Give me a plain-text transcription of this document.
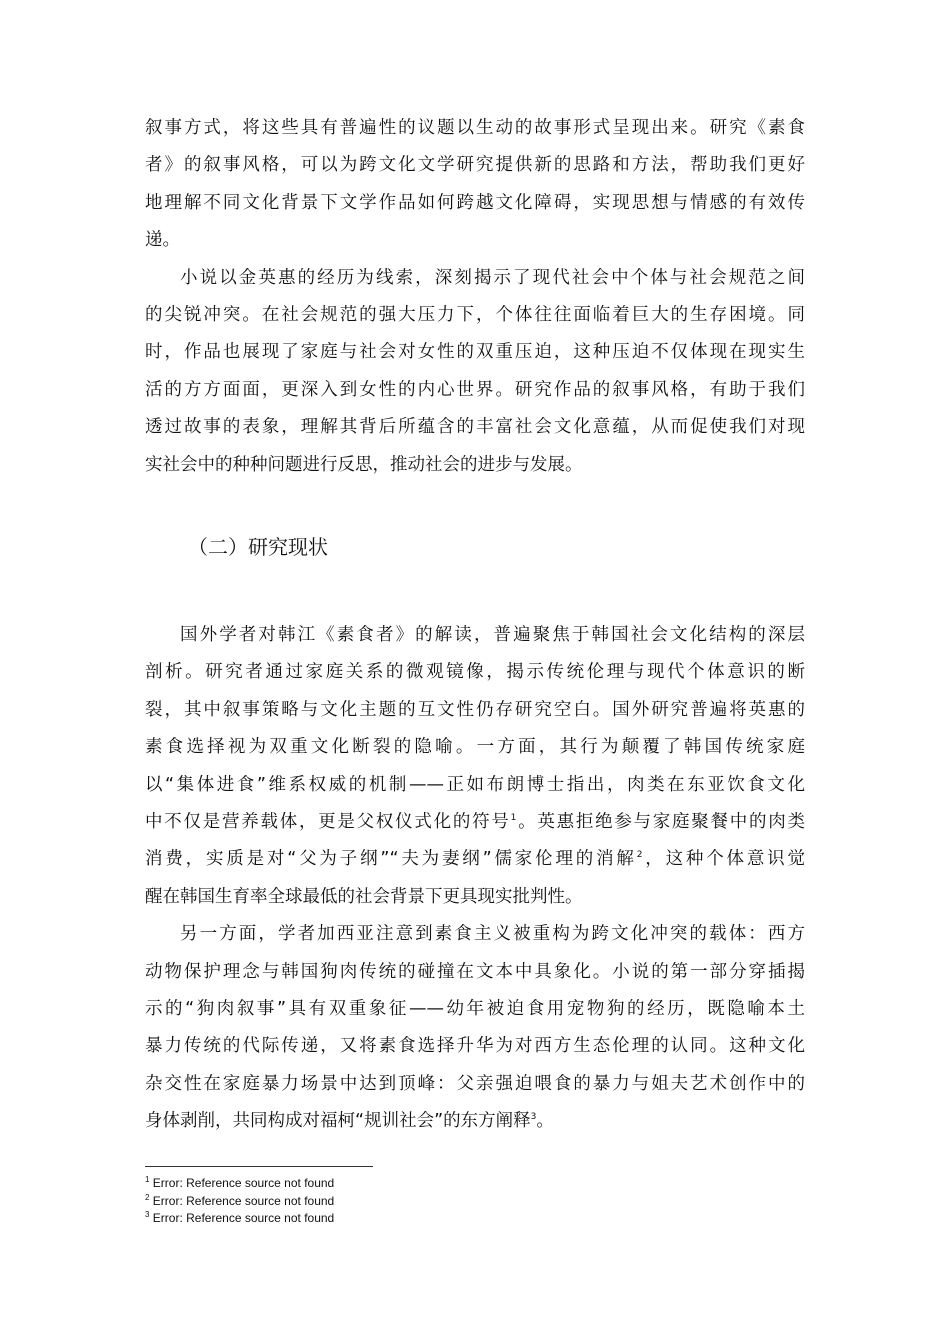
叙事方式，将这些具有普遍性的议题以生动的故事形式呈现出来。研究《素食
者》的叙事风格，可以为跨文化文学研究提供新的思路和方法，帮助我们更好
地理解不同文化背景下文学作品如何跨越文化障碍，实现思想与情感的有效传
递。
小说以金英惠的经历为线索，深刻揭示了现代社会中个体与社会规范之间
的尖锐冲突。在社会规范的强大压力下，个体往往面临着巨大的生存困境。同
时，作品也展现了家庭与社会对女性的双重压迫，这种压迫不仅体现在现实生
活的方方面面，更深入到女性的内心世界。研究作品的叙事风格，有助于我们
透过故事的表象，理解其背后所蕴含的丰富社会文化意蕴，从而促使我们对现
实社会中的种种问题进行反思，推动社会的进步与发展。
（二）研究现状
国外学者对韩江《素食者》的解读，普遍聚焦于韩国社会文化结构的深层
剖析。研究者通过家庭关系的微观镜像，揭示传统伦理与现代个体意识的断
裂，其中叙事策略与文化主题的互文性仍存研究空白。国外研究普遍将英惠的
素食选择视为双重文化断裂的隐喻。一方面，其行为颠覆了韩国传统家庭
以“集体进食”维系权威的机制——正如布朗博士指出，肉类在东亚饮食文化
中不仅是营养载体，更是父权仪式化的符号$^1$。英惠拒绝参与家庭聚餐中的肉类
消费，实质是对“父为子纲”“夫为妻纲”儒家伦理的消解$^2$，这种个体意识觉
醒在韩国生育率全球最低的社会背景下更具现实批判性。
另一方面，学者加西亚注意到素食主义被重构为跨文化冲突的载体：西方
动物保护理念与韩国狗肉传统的碰撞在文本中具象化。小说的第一部分穿插揭
示的“狗肉叙事”具有双重象征——幼年被迫食用宠物狗的经历，既隐喻本土
暴力传统的代际传递，又将素食选择升华为对西方生态伦理的认同。这种文化
杂交性在家庭暴力场景中达到顶峰：父亲强迫喂食的暴力与姐夫艺术创作中的
身体剥削，共同构成对福柯“规训社会”的东方阐释$^3$。
$^1$ Error: Reference source not found
$^2$ Error: Reference source not found
$^3$ Error: Reference source not found
